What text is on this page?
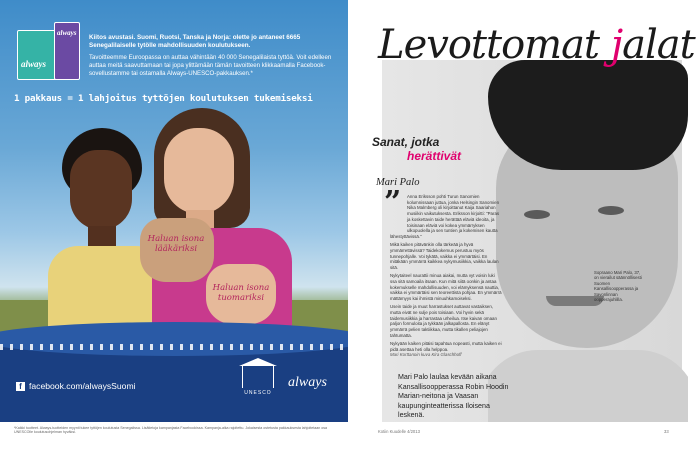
always
always
Kiitos avustasi. Suomi, Ruotsi, Tanska ja Norja: olette jo antaneet 6665 Senegalilaiselle tytölle mahdollisuuden koulutukseen.
Tavoitteemme Euroopassa on auttaa vähintään 40 000 Senegalilaista tyttöä. Voit edelleen auttaa meitä saavuttamaan tai jopa ylittämään tämän tavoitteen klikkaamalla Facebook-sovellustamme tai ostamalla Always-UNESCO-pakkauksen.*
1 pakkaus = 1 lahjoitus tyttöjen koulutuksen tukemiseksi
Haluan isona lääkäriksi
Haluan isona tuomariksi
f facebook.com/alwaysSuomi
UNESCO
always
*Kaikki tuotteet. Always-tuotteiden myynti tukee tyttöjen koulutusta Senegalissa. Lisätietoja kampanjasta Facebookissa. Kampanja-aika rajoitettu. Jokaisesta ostetusta pakkauksesta lahjoitetaan osa UNESCOlle koulutusohjelman hyväksi.
Levottomat jalat
Sanat, jotka
herättivät
Mari Palo
” Anna Eriksson pohti Turun Sanomien kolumnissaan juttua, jonka Helsingin Sanomien Nika Malmberg oli kirjoittanut Kaija Saariahon musiikin vaikutuksesta. Eriksson kirjoitti: "Paras ja koskettavin taide herättää eläviä ideoita, ja toisinaan eläviä voi kokea ymmärryksen ulkopuolella ja sen tuntien ja kokemisen kautta

lähestyttävissä."

Mikä kaiken pitävänkin olla tärkeää ja hyvä ymmärrettävissä? Taidekokemus perustuu myös tunnepohjalle. Voi tykätä, vaikka ei ymmärtäisi. En mitäkään ymmärrä kaikkea nykymusiikkia, vaikka laulan sitä.

Nykytaiteel naurattii minua aiakai, mutta vyt voisin luki ssa sitä samoaila itsaan. Kun mitä siitä oonkin ja antaa kokemukselle mahdollisuuden, voi elämyksensä nauttia, vaikka ei ymmärtäisi sen teoreettista pohjaa. En ymmärrä mättämyys kai ihmistä minuuhkamoiseksi.

Usein taide ja muut harrastukset auttavat vastaiksen, mutta eivät ne sulje pois toisiaan. Voi hyvin sekä taidemusiikkia ja harrastaa urheilua. Itse kaivan omaan paljon formuloita ja tykkään jalkapallosta. En elänyt ymmärrä pelien taktiikkaa, mutta tikallen peliajojen tahtumatta.

Nykyään kaiken pitäisi tapahtua nopeasti, mutta kaiken ei pidä asettaa heti olla helppoa.

Mari Korttanoin kuva Kira Glaschhoff
Sopraano Mari Palo, 37, on vierailut säännöllisesti Suomen Kansallisoopperassa ja Savonlinnan oopperajuhlilla.
Mari Palo laulaa kevään aikana Kansallisoopperassa Robin Hoodin Marian-neitona ja Vaasan kaupunginteatterissa Iloisena leskenä.
Kotiin Kuudelle 4/2013	33
